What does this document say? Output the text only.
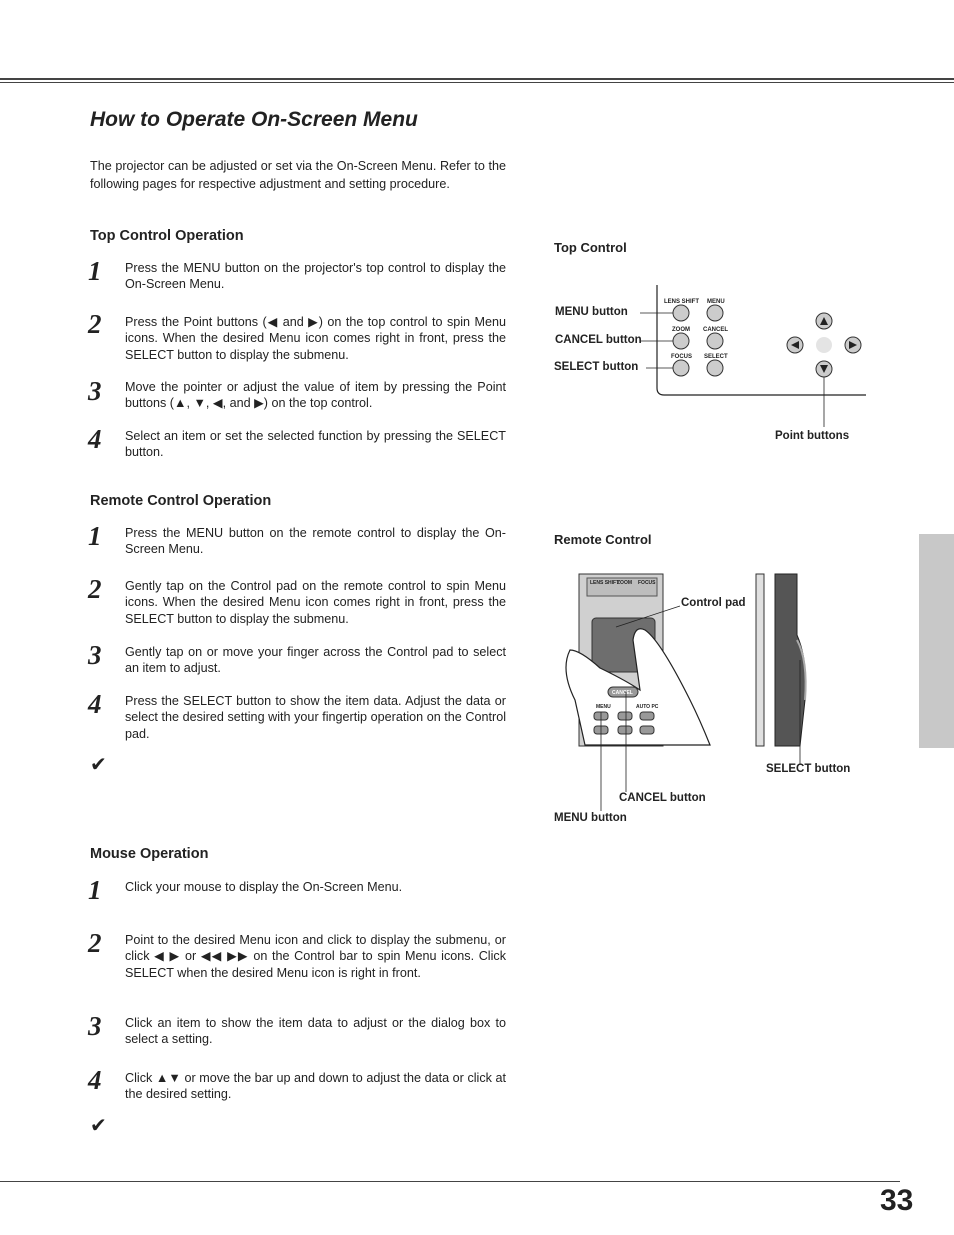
33
How to Operate On-Screen Menu

The projector can be adjusted or set via the On-Screen Menu. Refer to the following pages for respective adjustment and setting procedure.

Top Control Operation
1 Press the MENU button on the projector's top control to display the On-Screen Menu.

2 Press the Point buttons (◀ and ▶) on the top control to spin Menu icons. When the desired Menu icon comes right in front, press the SELECT button to display the submenu.

3 Move the pointer or adjust the value of item by pressing the Point buttons (▲, ▼, ◀, and ▶) on the top control.

4 Select an item or set the selected function by pressing the SELECT button.

Remote Control Operation
1 Press the MENU button on the remote control to display the On-Screen Menu.

2 Gently tap on the Control pad on the remote control to spin Menu icons. When the desired Menu icon comes right in front, press the SELECT button to display the submenu.

3 Gently tap on or move your finger across the Control pad to select an item to adjust.

4 Press the SELECT button to show the item data. Adjust the data or select the desired setting with your fingertip operation on the Control pad.

✔
Mouse Operation
1 Click your mouse to display the On-Screen Menu.

2 Point to the desired Menu icon and click to display the submenu, or click ◀ ▶ or ◀◀ ▶▶ on the Control bar to spin Menu icons. Click SELECT when the desired Menu icon is right in front.

3 Click an item to show the item data to adjust or the dialog box to select a setting.

4 Click ▲▼ or move the bar up and down to adjust the data or click at the desired setting.

✔
Top Control
LENS SHIFT MENU
ZOOM CANCEL
FOCUS SELECT
LENS SHIFT
ZOOM FOCUS
CANCEL
MENU	AUTO PC
MENU button
CANCEL button
SELECT button
Point buttons
Remote Control
Control pad
SELECT button
CANCEL button
MENU button
